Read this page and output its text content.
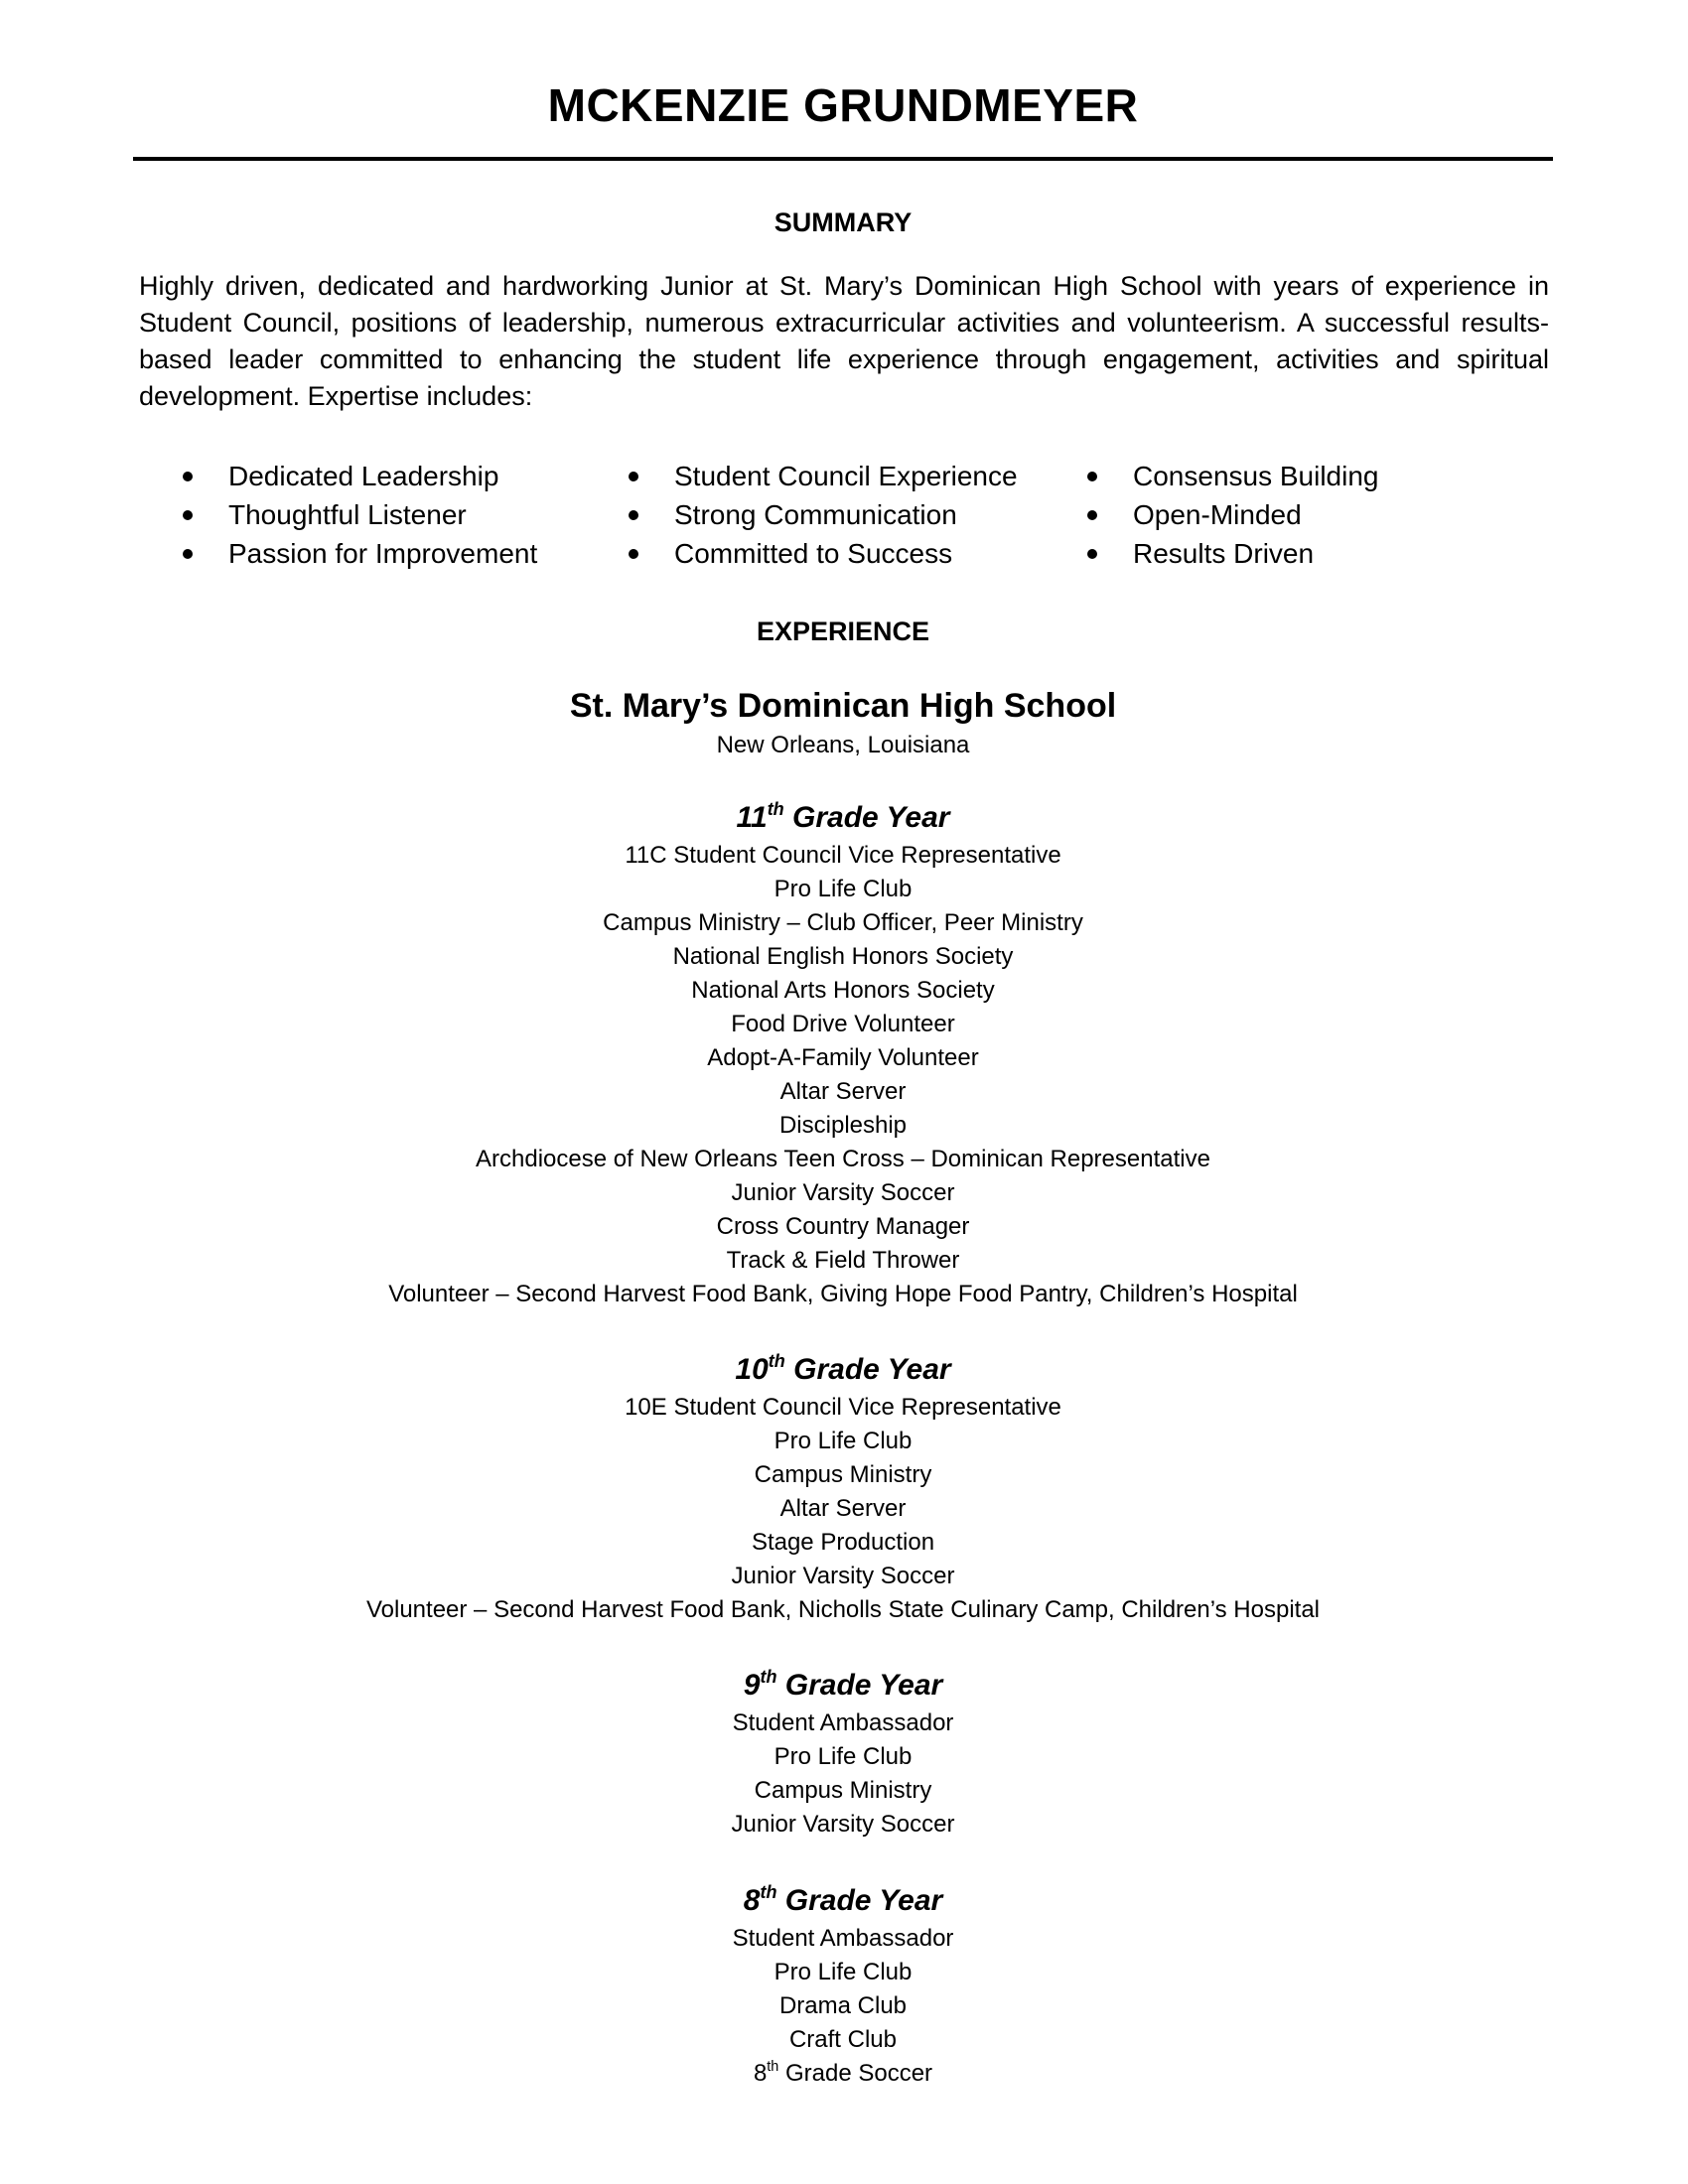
MCKENZIE GRUNDMEYER
SUMMARY

Highly driven, dedicated and hardworking Junior at St. Mary’s Dominican High School with years of experience in Student Council, positions of leadership, numerous extracurricular activities and volunteerism. A successful results-based leader committed to enhancing the student life experience through engagement, activities and spiritual development. Expertise includes:

Dedicated Leadership
Thoughtful Listener
Passion for Improvement
Student Council Experience
Strong Communication
Committed to Success
Consensus Building
Open-Minded
Results Driven
EXPERIENCE
St. Mary’s Dominican High School
New Orleans, Louisiana
11th Grade Year
11C Student Council Vice Representative
Pro Life Club
Campus Ministry – Club Officer, Peer Ministry
National English Honors Society
National Arts Honors Society
Food Drive Volunteer
Adopt-A-Family Volunteer
Altar Server
Discipleship
Archdiocese of New Orleans Teen Cross – Dominican Representative
Junior Varsity Soccer
Cross Country Manager
Track & Field Thrower
Volunteer – Second Harvest Food Bank, Giving Hope Food Pantry, Children’s Hospital
10th Grade Year
10E Student Council Vice Representative
Pro Life Club
Campus Ministry
Altar Server
Stage Production
Junior Varsity Soccer
Volunteer – Second Harvest Food Bank, Nicholls State Culinary Camp, Children’s Hospital
9th Grade Year
Student Ambassador
Pro Life Club
Campus Ministry
Junior Varsity Soccer
8th Grade Year
Student Ambassador
Pro Life Club
Drama Club
Craft Club
8th Grade Soccer
